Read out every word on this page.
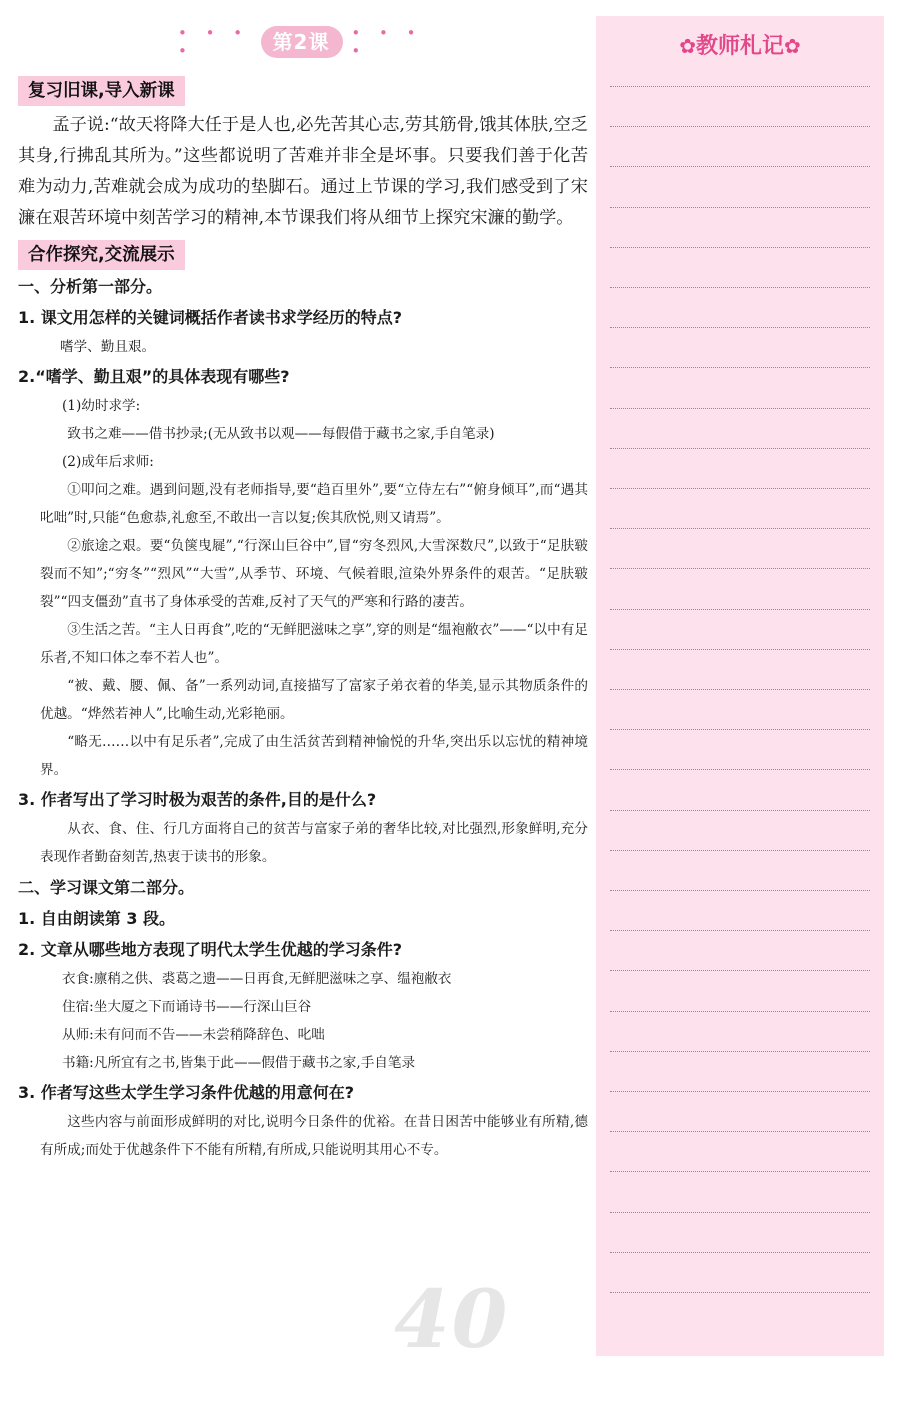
• • • •	第2课时
• • • •
复习旧课,导入新课
孟子说:“故天将降大任于是人也,必先苦其心志,劳其筋骨,饿其体肤,空乏其身,行拂乱其所为。”这些都说明了苦难并非全是坏事。只要我们善于化苦难为动力,苦难就会成为成功的垫脚石。通过上节课的学习,我们感受到了宋濂在艰苦环境中刻苦学习的精神,本节课我们将从细节上探究宋濂的勤学。
合作探究,交流展示
一、分析第一部分。
1. 课文用怎样的关键词概括作者读书求学经历的特点?
嗜学、勤且艰。
2.“嗜学、勤且艰”的具体表现有哪些?
(1)幼时求学:
致书之难——借书抄录;(无从致书以观——每假借于藏书之家,手自笔录)
(2)成年后求师:
①叩问之难。遇到问题,没有老师指导,要“趋百里外”,要“立侍左右”“俯身倾耳”,而“遇其叱咄”时,只能“色愈恭,礼愈至,不敢出一言以复;俟其欣悦,则又请焉”。
②旅途之艰。要“负箧曳屣”,“行深山巨谷中”,冒“穷冬烈风,大雪深数尺”,以致于“足肤皲裂而不知”;“穷冬”“烈风”“大雪”,从季节、环境、气候着眼,渲染外界条件的艰苦。“足肤皲裂”“四支僵劲”直书了身体承受的苦难,反衬了天气的严寒和行路的凄苦。
③生活之苦。“主人日再食”,吃的“无鲜肥滋味之享”,穿的则是“缊袍敝衣”——“以中有足乐者,不知口体之奉不若人也”。
“被、戴、腰、佩、备”一系列动词,直接描写了富家子弟衣着的华美,显示其物质条件的优越。“烨然若神人”,比喻生动,光彩艳丽。
“略无……以中有足乐者”,完成了由生活贫苦到精神愉悦的升华,突出乐以忘忧的精神境界。
3. 作者写出了学习时极为艰苦的条件,目的是什么?
从衣、食、住、行几方面将自己的贫苦与富家子弟的奢华比较,对比强烈,形象鲜明,充分表现作者勤奋刻苦,热衷于读书的形象。
二、学习课文第二部分。
1. 自由朗读第 3 段。
2. 文章从哪些地方表现了明代太学生优越的学习条件?
衣食:廪稍之供、裘葛之遗——日再食,无鲜肥滋味之享、缊袍敝衣
住宿:坐大厦之下而诵诗书——行深山巨谷
从师:未有问而不告——未尝稍降辞色、叱咄
书籍:凡所宜有之书,皆集于此——假借于藏书之家,手自笔录
3. 作者写这些太学生学习条件优越的用意何在?
这些内容与前面形成鲜明的对比,说明今日条件的优裕。在昔日困苦中能够业有所精,德有所成;而处于优越条件下不能有所精,有所成,只能说明其用心不专。
✿教师札记✿
40
